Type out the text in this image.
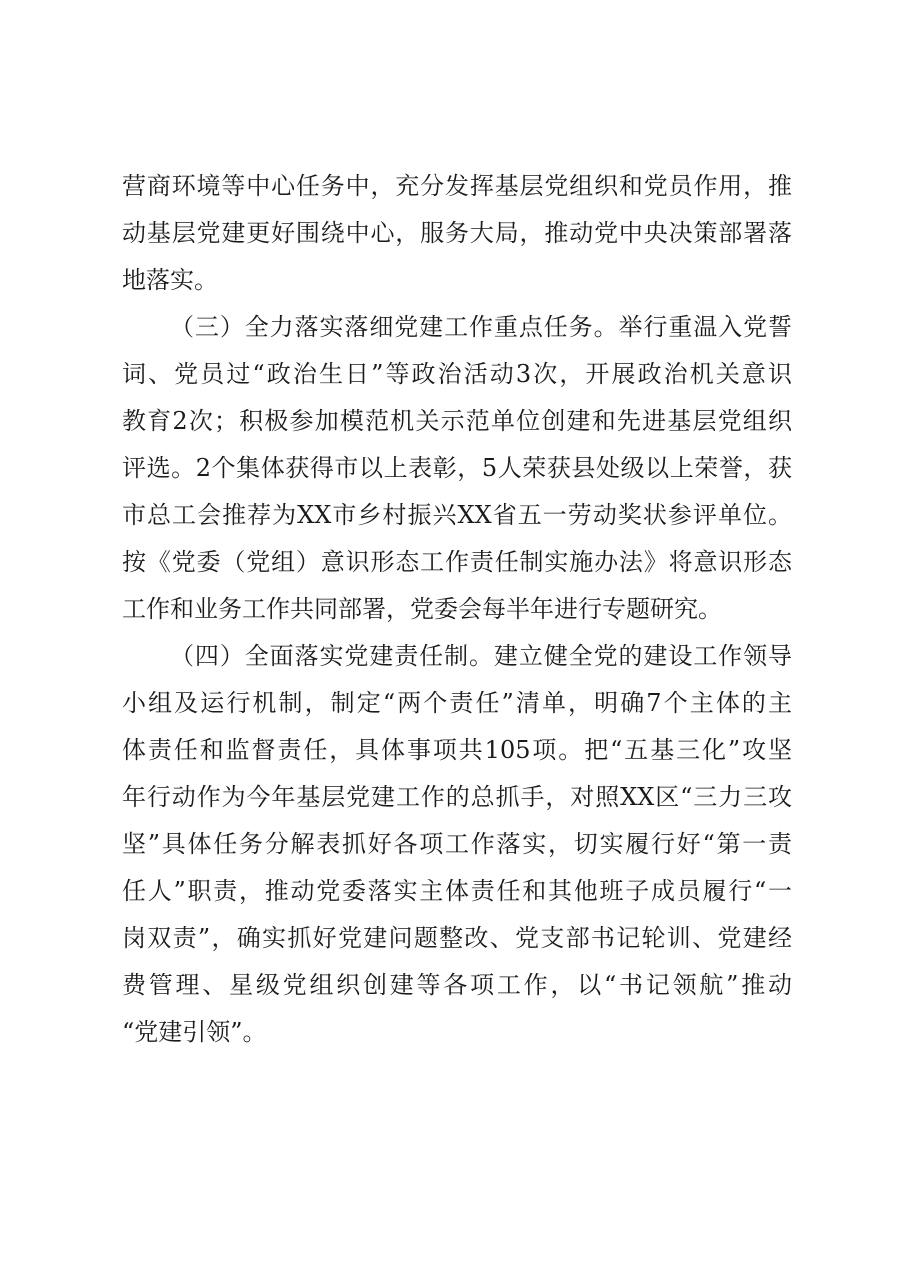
营商环境等中心任务中，充分发挥基层党组织和党员作用，推
动基层党建更好围绕中心，服务大局，推动党中央决策部署落
地落实。
（三）全力落实落细党建工作重点任务。举行重温入党誓
词、党员过“政治生日”等政治活动3次，开展政治机关意识
教育2次；积极参加模范机关示范单位创建和先进基层党组织
评选。2个集体获得市以上表彰，5人荣获县处级以上荣誉，获
市总工会推荐为XX市乡村振兴XX省五一劳动奖状参评单位。
按《党委（党组）意识形态工作责任制实施办法》将意识形态
工作和业务工作共同部署，党委会每半年进行专题研究。
（四）全面落实党建责任制。建立健全党的建设工作领导
小组及运行机制，制定“两个责任”清单，明确7个主体的主
体责任和监督责任，具体事项共105项。把“五基三化”攻坚
年行动作为今年基层党建工作的总抓手，对照XX区“三力三攻
坚”具体任务分解表抓好各项工作落实，切实履行好“第一责
任人”职责，推动党委落实主体责任和其他班子成员履行“一
岗双责”，确实抓好党建问题整改、党支部书记轮训、党建经
费管理、星级党组织创建等各项工作，以“书记领航”推动
“党建引领”。
